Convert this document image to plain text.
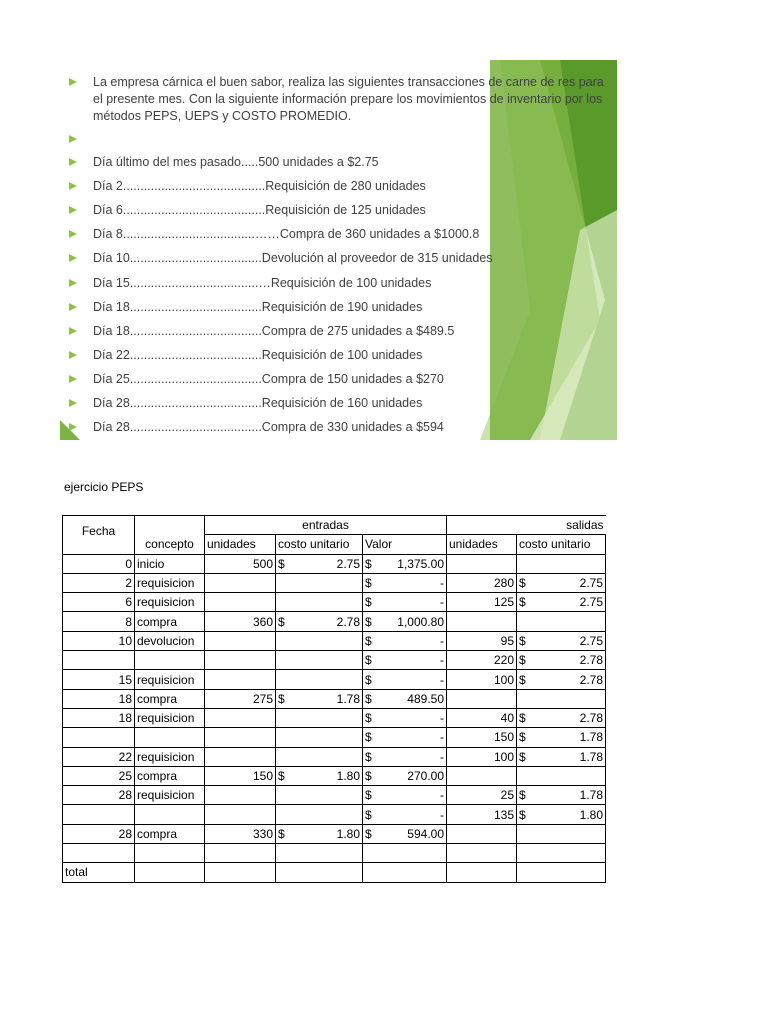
La empresa cárnica el buen sabor, realiza las siguientes transacciones de carne de res para
el presente mes. Con la siguiente información prepare los movimientos de inventario por los
métodos PEPS, UEPS y COSTO PROMEDIO.
Día último del mes pasado.....500 unidades a $2.75
Día 2.........................................Requisición de 280 unidades
Día 6.........................................Requisición de 125 unidades
Día 8......................................……Compra de 360 unidades a $1000.8
Día 10......................................Devolución al proveedor de 315 unidades
Día 15.....................................…Requisición de 100 unidades
Día 18......................................Requisición de 190 unidades
Día 18......................................Compra de 275 unidades a $489.5
Día 22......................................Requisición de 100 unidades
Día 25......................................Compra de 150 unidades a $270
Día 28......................................Requisición de 160 unidades
Día 28......................................Compra de 330 unidades a $594
ejercicio PEPS
Fecha		entradas			salidas	
	concepto	unidades	costo unitario	Valor	unidades	costo unitario
0	inicio	500	$ 2.75	$ 1,375.00		

2	requisicion			$ -	280	$ 2.75

6	requisicion			$ -	125	$ 2.75

8	compra	360	$ 2.78	$ 1,000.80		

10	devolucion			$ -	95	$ 2.75

				$ -	220	$ 2.78

15	requisicion			$ -	100	$ 2.78

18	compra	275	$ 1.78	$ 489.50		

18	requisicion			$ -	40	$ 2.78

				$ -	150	$ 1.78

22	requisicion			$ -	100	$ 1.78

25	compra	150	$ 1.80	$ 270.00		

28	requisicion			$ -	25	$ 1.78

				$ -	135	$ 1.80

28	compra	330	$ 1.80	$ 594.00		

total						
